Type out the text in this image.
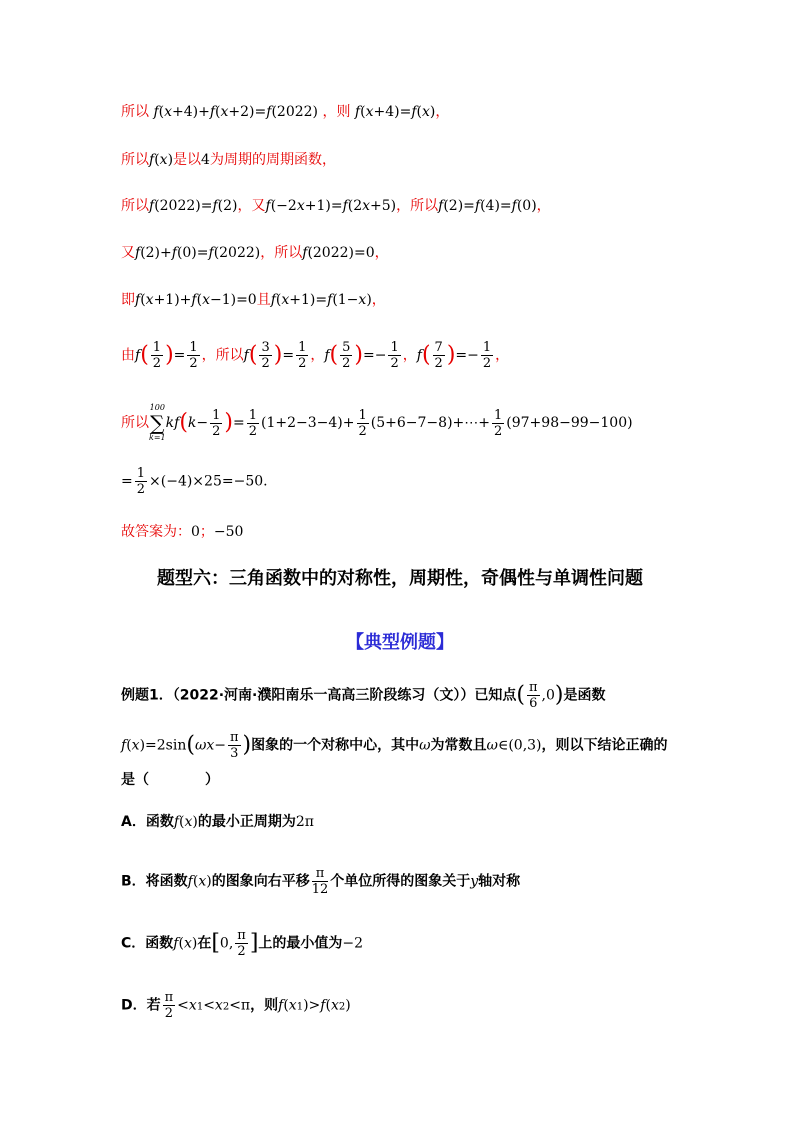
所以 f(x+4)+f(x+2)=f(2022) ，则 f(x+4)=f(x)，
所以f(x)是以4为周期的周期函数，
所以f(2022)=f(2)，又f(−2x+1)=f(2x+5)，所以f(2)=f(4)=f(0)，
又f(2)+f(0)=f(2022)，所以f(2022)=0，
即f(x+1)+f(x−1)=0且f(x+1)=f(1−x)，
由$f( \frac{1}{2}$ )= $\frac{1}{2}$ ，所以$f( \frac{3}{2}$ )= $\frac{1}{2}$ ，$f( \frac{5}{2}$ )=− $\frac{1}{2}$ ，$f( \frac{7}{2}$ )=− $\frac{1}{2}$ ，
所以
100
∑
k=1
$kf(k- \frac{1}{2}$ )= $\frac{1}{2} (1+2-3-4)+ \frac{1}{2}$ (5+6−7−8)+⋯+ $\frac{1}{2} (97+98-99-100)$
= $\frac{1}{2} \times(-4)\times 25=-50$.
故答案为：0；−50
题型六：三角函数中的对称性，周期性，奇偶性与单调性问题
【典型例题】
例题1．（2022·河南·濮阳南乐一高高三阶段练习（文））已知点( $\frac{\pi}{6} ,0$)是函数
$f(x)=2\sin(\omega x- \frac{\pi}{3}$ )图象的一个对称中心，其中ω为常数且ω∈(0,3)，则以下结论正确的
是（　　　　）
A．函数f(x)的最小正周期为2π
B．将函数f(x)的图象向右平移 $\frac{\pi}{12}$ 个单位所得的图象关于y轴对称
C．函数f(x)在[0, $\frac{\pi}{2}$ ]上的最小值为−2
D．若 $\frac{\pi}{2} <x1<x2<\pi$，则f(x1)>f(x2)
